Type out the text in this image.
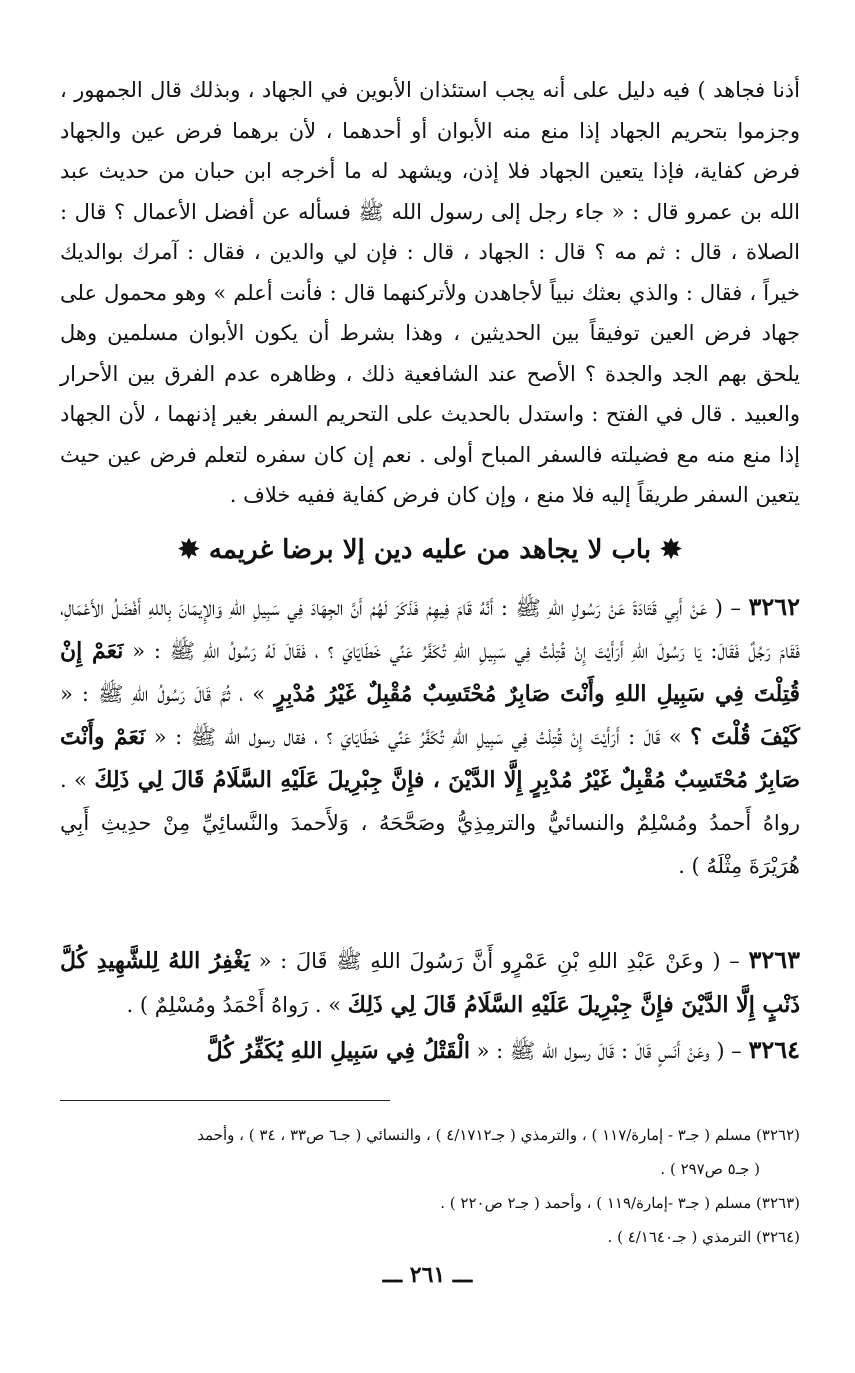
أذنا فجاهد ) فيه دليل على أنه يجب استئذان الأبوين في الجهاد ، وبذلك قال الجمهور ، وجزموا بتحريم الجهاد إذا منع منه الأبوان أو أحدهما ، لأن برهما فرض عين والجهاد فرض كفاية، فإذا يتعين الجهاد فلا إذن، ويشهد له ما أخرجه ابن حبان من حديث عبد الله بن عمرو قال : « جاء رجل إلى رسول الله ﷺ فسأله عن أفضل الأعمال ؟ قال : الصلاة ، قال : ثم مه ؟ قال : الجهاد ، قال : فإن لي والدين ، فقال : آمرك بوالديك خيراً ، فقال : والذي بعثك نبياً لأجاهدن ولأتركنهما قال : فأنت أعلم » وهو محمول على جهاد فرض العين توفيقاً بين الحديثين ، وهذا بشرط أن يكون الأبوان مسلمين وهل يلحق بهم الجد والجدة ؟ الأصح عند الشافعية ذلك ، وظاهره عدم الفرق بين الأحرار والعبيد . قال في الفتح : واستدل بالحديث على التحريم السفر بغير إذنهما ، لأن الجهاد إذا منع منه مع فضيلته فالسفر المباح أولى . نعم إن كان سفره لتعلم فرض عين حيث يتعين السفر طريقاً إليه فلا منع ، وإن كان فرض كفاية ففيه خلاف .
✸ باب لا يجاهد من عليه دين إلا برضا غريمه ✸
٣٢٦٢ – ( عَنْ أَبِي قَتَادَةَ عَنْ رَسُولِ اللهِ ﷺ : أَنَّهُ قَامَ فِيهِمْ فَذَكَرَ لَهُمْ أَنَّ الجِهَادَ فِي سَبِيلِ اللهِ وَالإِيمَانَ بِاللهِ أَفْضَلُ الأَعْمَالِ، فَقَامَ رَجُلٌ فَقَالَ: يَا رَسُولَ اللهِ أَرَأَيْتَ إِنْ قُتِلْتُ فِي سَبِيلِ اللهِ تُكَفَّرُ عَنِّي خَطَايَايَ ؟ ، فَقَالَ لَهُ رَسُولُ اللهِ ﷺ : « نَعَمْ إِنْ قُتِلْتَ فِي سَبِيلِ اللهِ وأَنْتَ صَابِرٌ مُحْتَسِبٌ مُقْبِلٌ غَيْرُ مُدْبِرٍ » ، ثُمَّ قَالَ رَسُولُ اللهِ ﷺ : « كَيْفَ قُلْتَ ؟ » قَالَ : أَرَأَيْتَ إِنْ قُتِلْتُ فِي سَبِيلِ اللهِ تُكَفَّرُ عَنِّي خَطَايَايَ ؟ ، فقال رسول الله ﷺ : « نَعَمْ وأَنْتَ صَابِرٌ مُحْتَسِبٌ مُقْبِلٌ غَيْرُ مُدْبِرٍ إِلَّا الدَّيْنَ ، فإِنَّ جِبْرِيلَ عَلَيْهِ السَّلَامُ قَالَ لِي ذَلِكَ » . رواهُ أَحمدُ ومُسْلِمٌ والنسائيُّ والترمِذِيُّ وصَحَّحَهُ ، وَلأَحمدَ والنَّسائِيِّ مِنْ حدِيثِ أَبِي هُرَيْرَةَ مِثْلَهُ ) .
٣٢٦٣ – ( وعَنْ عَبْدِ اللهِ بْنِ عَمْرٍو أَنَّ رَسُولَ اللهِ ﷺ قَالَ : « يَغْفِرُ اللهُ لِلشَّهِيدِ كُلَّ ذَنْبٍ إِلَّا الدَّيْنَ فإِنَّ جِبْرِيلَ عَلَيْهِ السَّلَامُ قَالَ لِي ذَلِكَ » . رَواهُ أَحْمَدُ ومُسْلِمٌ ) .
٣٢٦٤ – ( وعَنْ أَنَسٍ قَالَ : قَالَ رسول الله ﷺ : « الْقَتْلُ فِي سَبِيلِ اللهِ يُكَفِّرُ كُلَّ
(٣٢٦٢) مسلم ( جـ٣ - إمارة/١١٧ ) ، والترمذي ( جـ٤/١٧١٢ ) ، والنسائي ( جـ٦ ص٣٣ ، ٣٤ ) ، وأحمد
( جـ٥ ص٢٩٧ ) .
(٣٢٦٣) مسلم ( جـ٣ -إمارة/١١٩ ) ، وأحمد ( جـ٢ ص٢٢٠ ) .
(٣٢٦٤) الترمذي ( جـ٤/١٦٤٠ ) .
ـــ ٢٦١ ـــ
